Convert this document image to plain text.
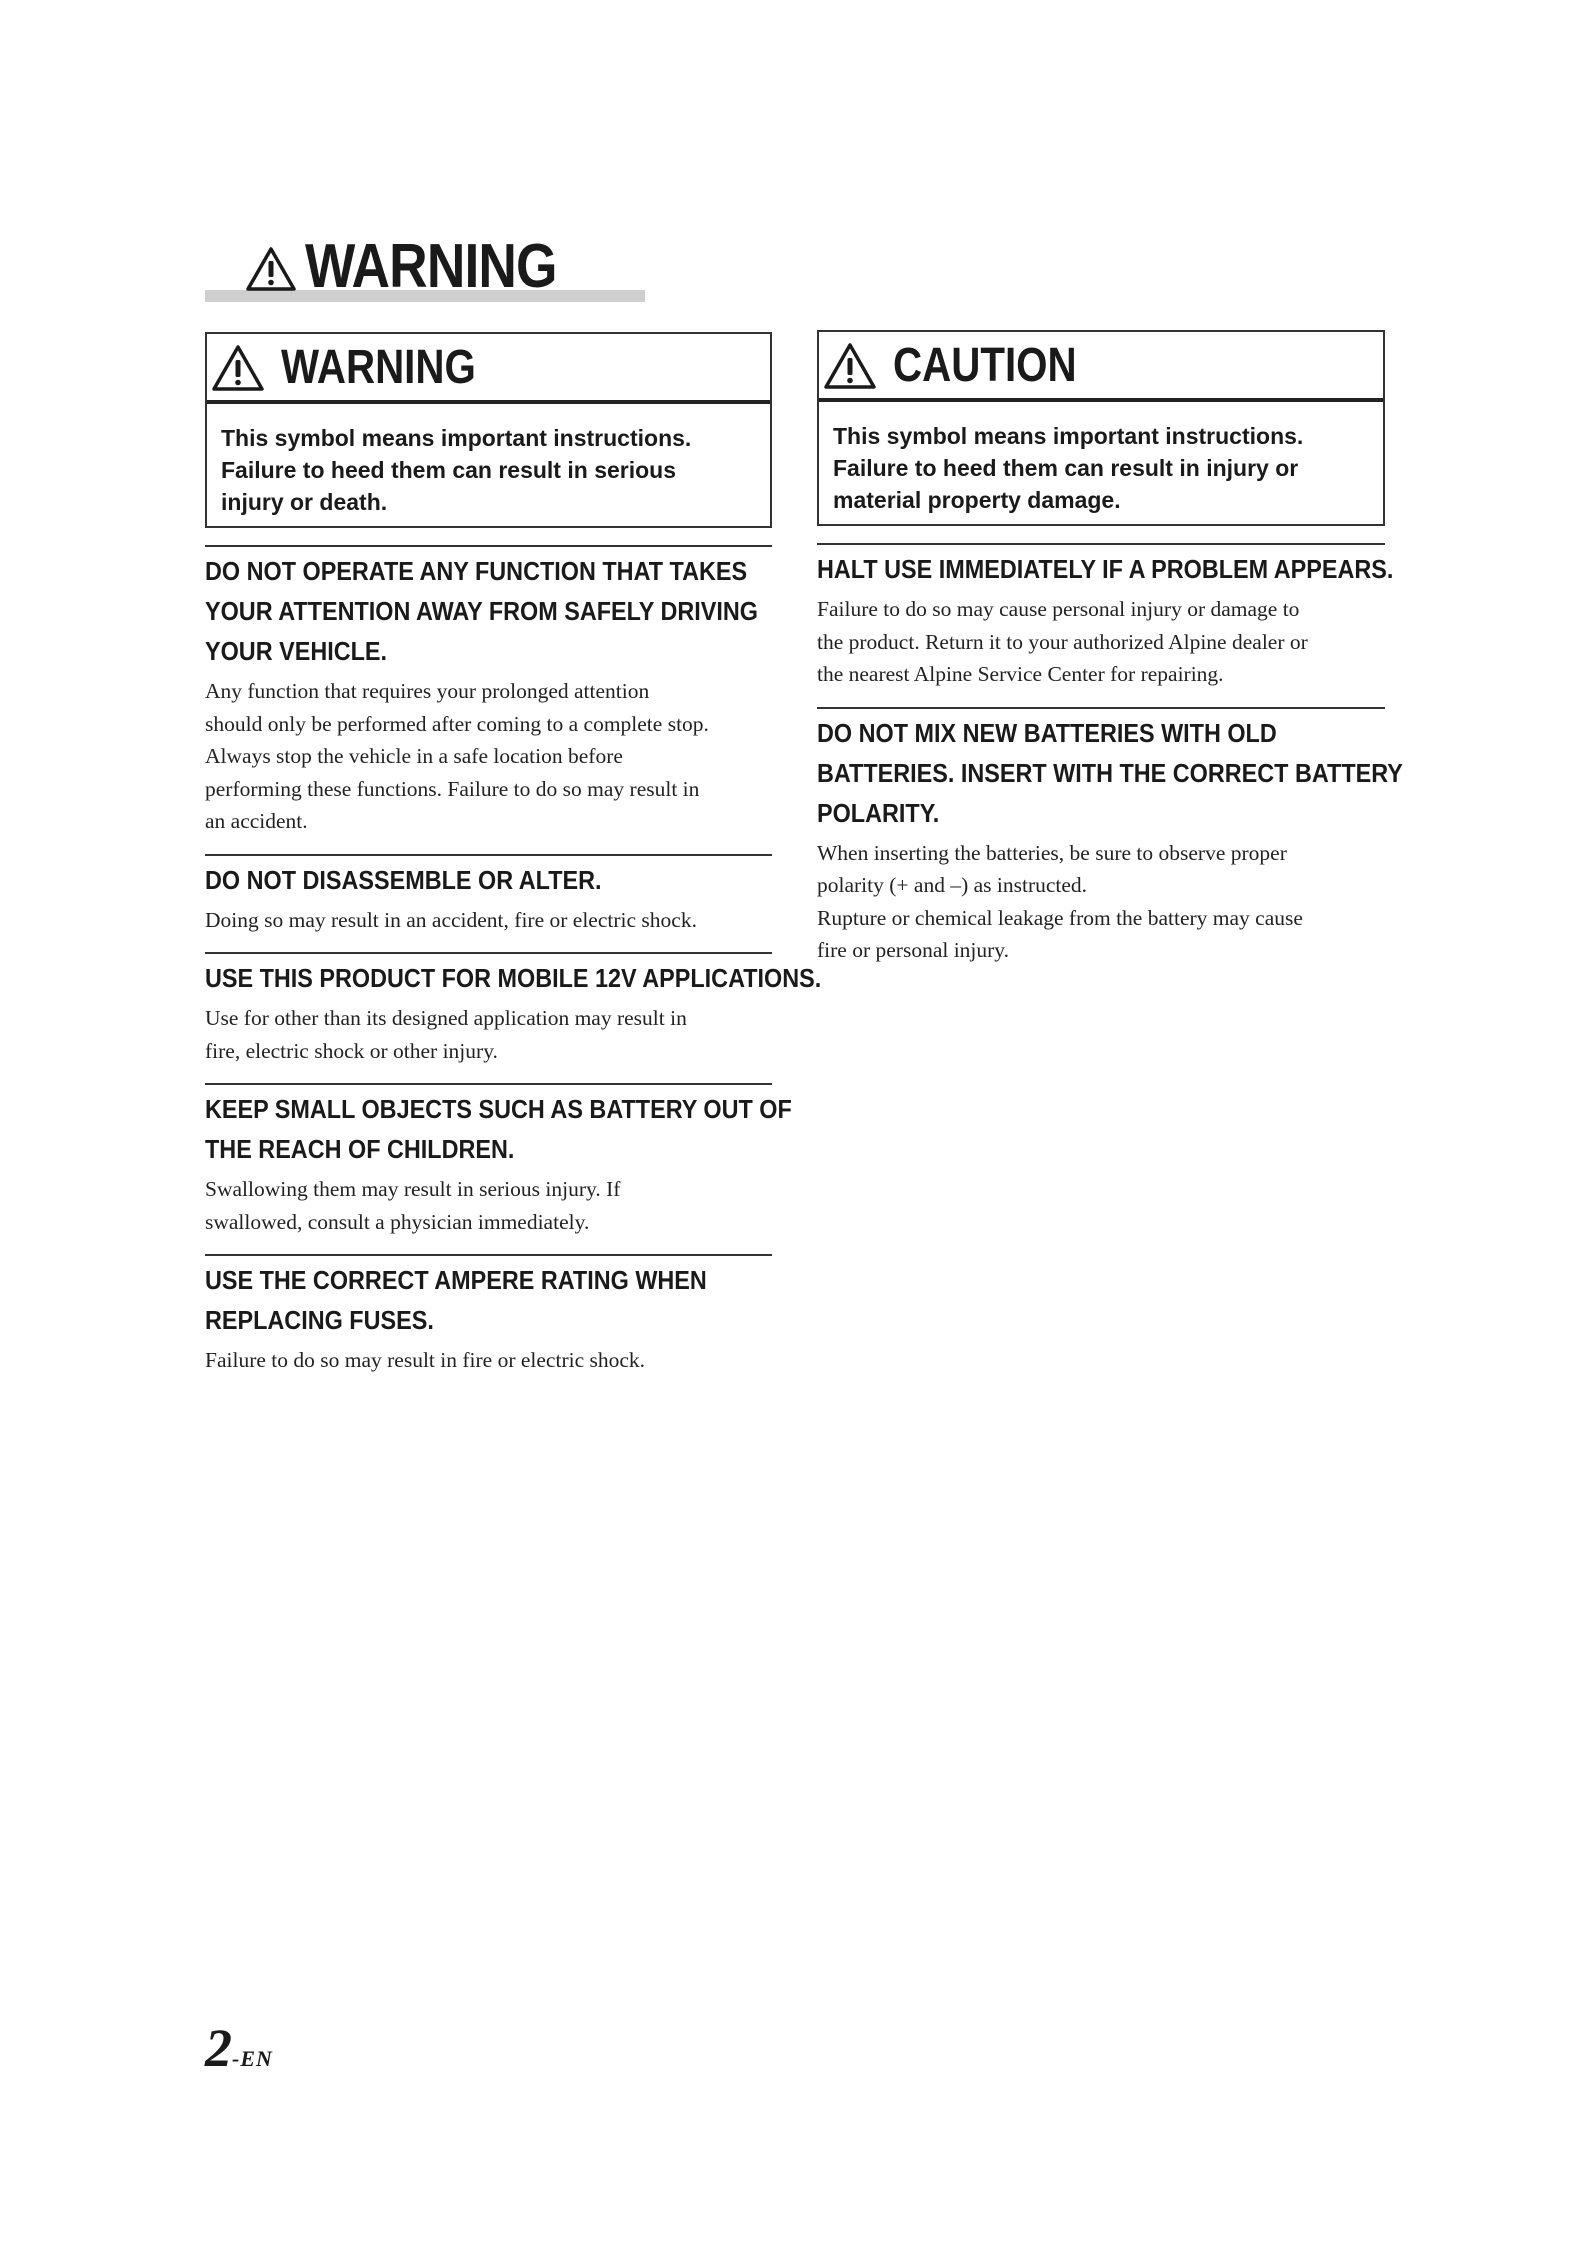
WARNING
WARNING
This symbol means important instructions.
Failure to heed them can result in serious
injury or death.
DO NOT OPERATE ANY FUNCTION THAT TAKES
YOUR ATTENTION AWAY FROM SAFELY DRIVING
YOUR VEHICLE.

Any function that requires your prolonged attention
should only be performed after coming to a complete stop.
Always stop the vehicle in a safe location before
performing these functions. Failure to do so may result in
an accident.

DO NOT DISASSEMBLE OR ALTER.

Doing so may result in an accident, fire or electric shock.

USE THIS PRODUCT FOR MOBILE 12V APPLICATIONS.

Use for other than its designed application may result in
fire, electric shock or other injury.

KEEP SMALL OBJECTS SUCH AS BATTERY OUT OF
THE REACH OF CHILDREN.

Swallowing them may result in serious injury. If
swallowed, consult a physician immediately.

USE THE CORRECT AMPERE RATING WHEN
REPLACING FUSES.

Failure to do so may result in fire or electric shock.

CAUTION
This symbol means important instructions.
Failure to heed them can result in injury or
material property damage.
HALT USE IMMEDIATELY IF A PROBLEM APPEARS.

Failure to do so may cause personal injury or damage to
the product. Return it to your authorized Alpine dealer or
the nearest Alpine Service Center for repairing.

DO NOT MIX NEW BATTERIES WITH OLD
BATTERIES. INSERT WITH THE CORRECT BATTERY
POLARITY.

When inserting the batteries, be sure to observe proper
polarity (+ and –) as instructed.
Rupture or chemical leakage from the battery may cause
fire or personal injury.

2-EN
